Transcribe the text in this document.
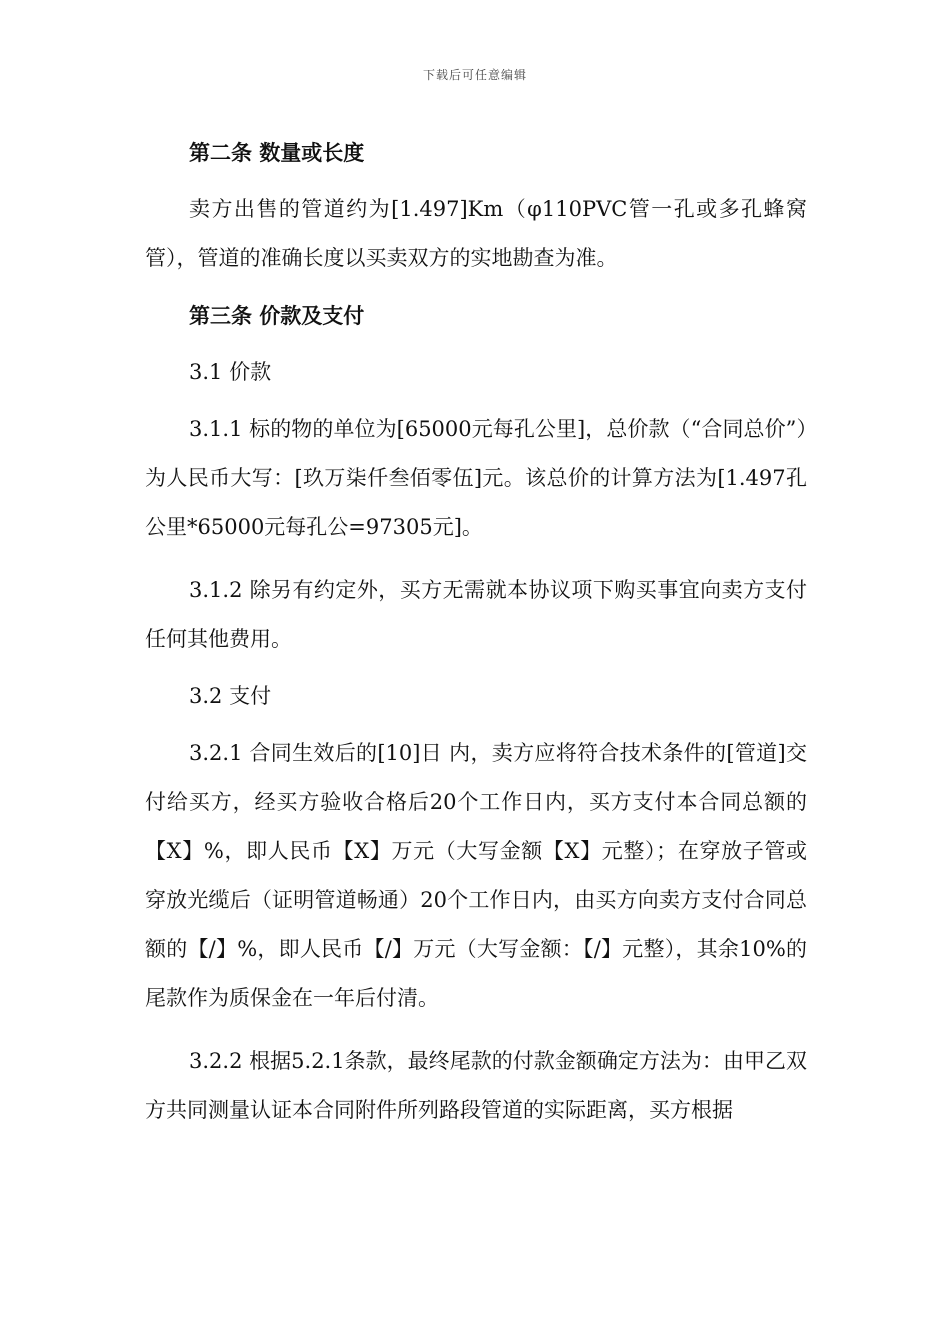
下载后可任意编辑

第二条 数量或长度

卖方出售的管道约为[1.497]Km（φ110PVC管一孔或多孔蜂窝管），管道的准确长度以买卖双方的实地勘查为准。

第三条 价款及支付

3.1 价款

3.1.1 标的物的单位为[65000元每孔公里]，总价款（“合同总价”）为人民币大写：[玖万柒仟叁佰零伍]元。该总价的计算方法为[1.497孔公里*65000元每孔公=97305元]。

3.1.2 除另有约定外，买方无需就本协议项下购买事宜向卖方支付任何其他费用。

3.2 支付

3.2.1 合同生效后的[10]日 内，卖方应将符合技术条件的[管道]交付给买方，经买方验收合格后20个工作日内，买方支付本合同总额的【X】%，即人民币【X】万元（大写金额【X】元整）；在穿放子管或穿放光缆后（证明管道畅通）20个工作日内，由买方向卖方支付合同总额的【/】%，即人民币【/】万元（大写金额：【/】元整），其余10%的尾款作为质保金在一年后付清。

3.2.2 根据5.2.1条款，最终尾款的付款金额确定方法为：由甲乙双方共同测量认证本合同附件所列路段管道的实际距离，买方根据
